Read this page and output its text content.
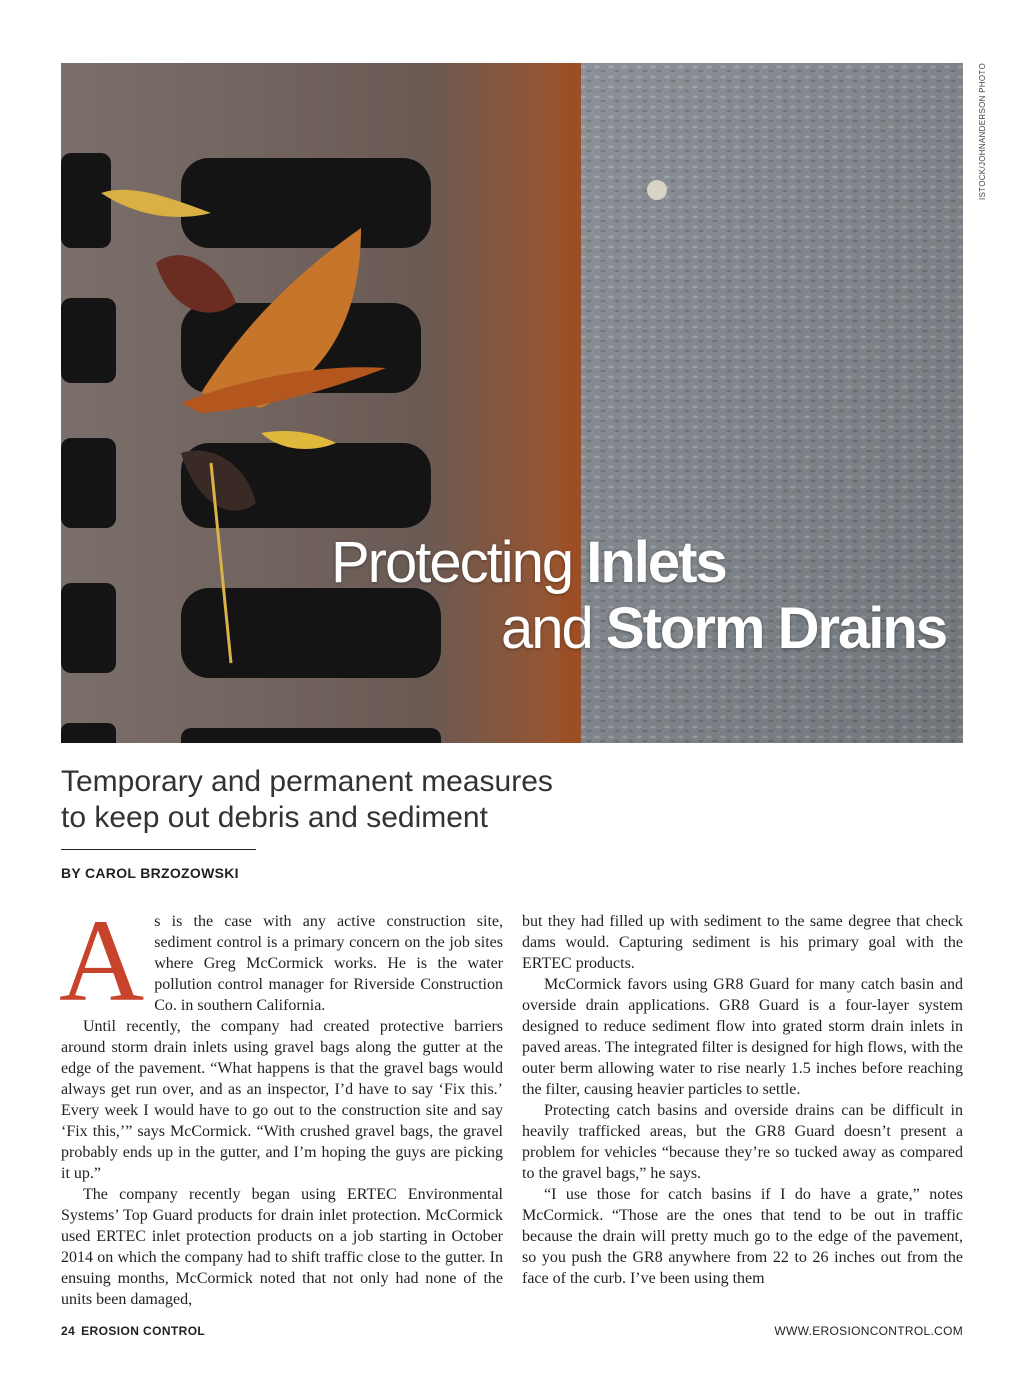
Protecting Inlets
and Storm Drains
ISTOCK/JOHNANDERSON PHOTO
Temporary and permanent measures
to keep out debris and sediment
BY CAROL BRZOZOWSKI

As is the case with any active construction site, sediment control is a primary concern on the job sites where Greg McCormick works. He is the water pollution control manager for Riverside Construction Co. in southern California.

Until recently, the company had created protective barriers around storm drain inlets using gravel bags along the gutter at the edge of the pavement. “What happens is that the gravel bags would always get run over, and as an inspector, I’d have to say ‘Fix this.’ Every week I would have to go out to the construction site and say ‘Fix this,’” says McCormick. “With crushed gravel bags, the gravel probably ends up in the gutter, and I’m hoping the guys are picking it up.”

The company recently began using ERTEC Environmental Systems’ Top Guard products for drain inlet protection. McCormick used ERTEC inlet protection products on a job starting in October 2014 on which the company had to shift traffic close to the gutter. In ensuing months, McCormick noted that not only had none of the units been damaged,

but they had filled up with sediment to the same degree that check dams would. Capturing sediment is his primary goal with the ERTEC products.

McCormick favors using GR8 Guard for many catch basin and overside drain applications. GR8 Guard is a four-layer system designed to reduce sediment flow into grated storm drain inlets in paved areas. The integrated filter is designed for high flows, with the outer berm allowing water to rise nearly 1.5 inches before reaching the filter, causing heavier particles to settle.

Protecting catch basins and overside drains can be difficult in heavily trafficked areas, but the GR8 Guard doesn’t present a problem for vehicles “because they’re so tucked away as compared to the gravel bags,” he says.

“I use those for catch basins if I do have a grate,” notes McCormick. “Those are the ones that tend to be out in traffic because the drain will pretty much go to the edge of the pavement, so you push the GR8 anywhere from 22 to 26 inches out from the face of the curb. I’ve been using them

24 EROSION CONTROL	WWW.EROSIONCONTROL.COM
